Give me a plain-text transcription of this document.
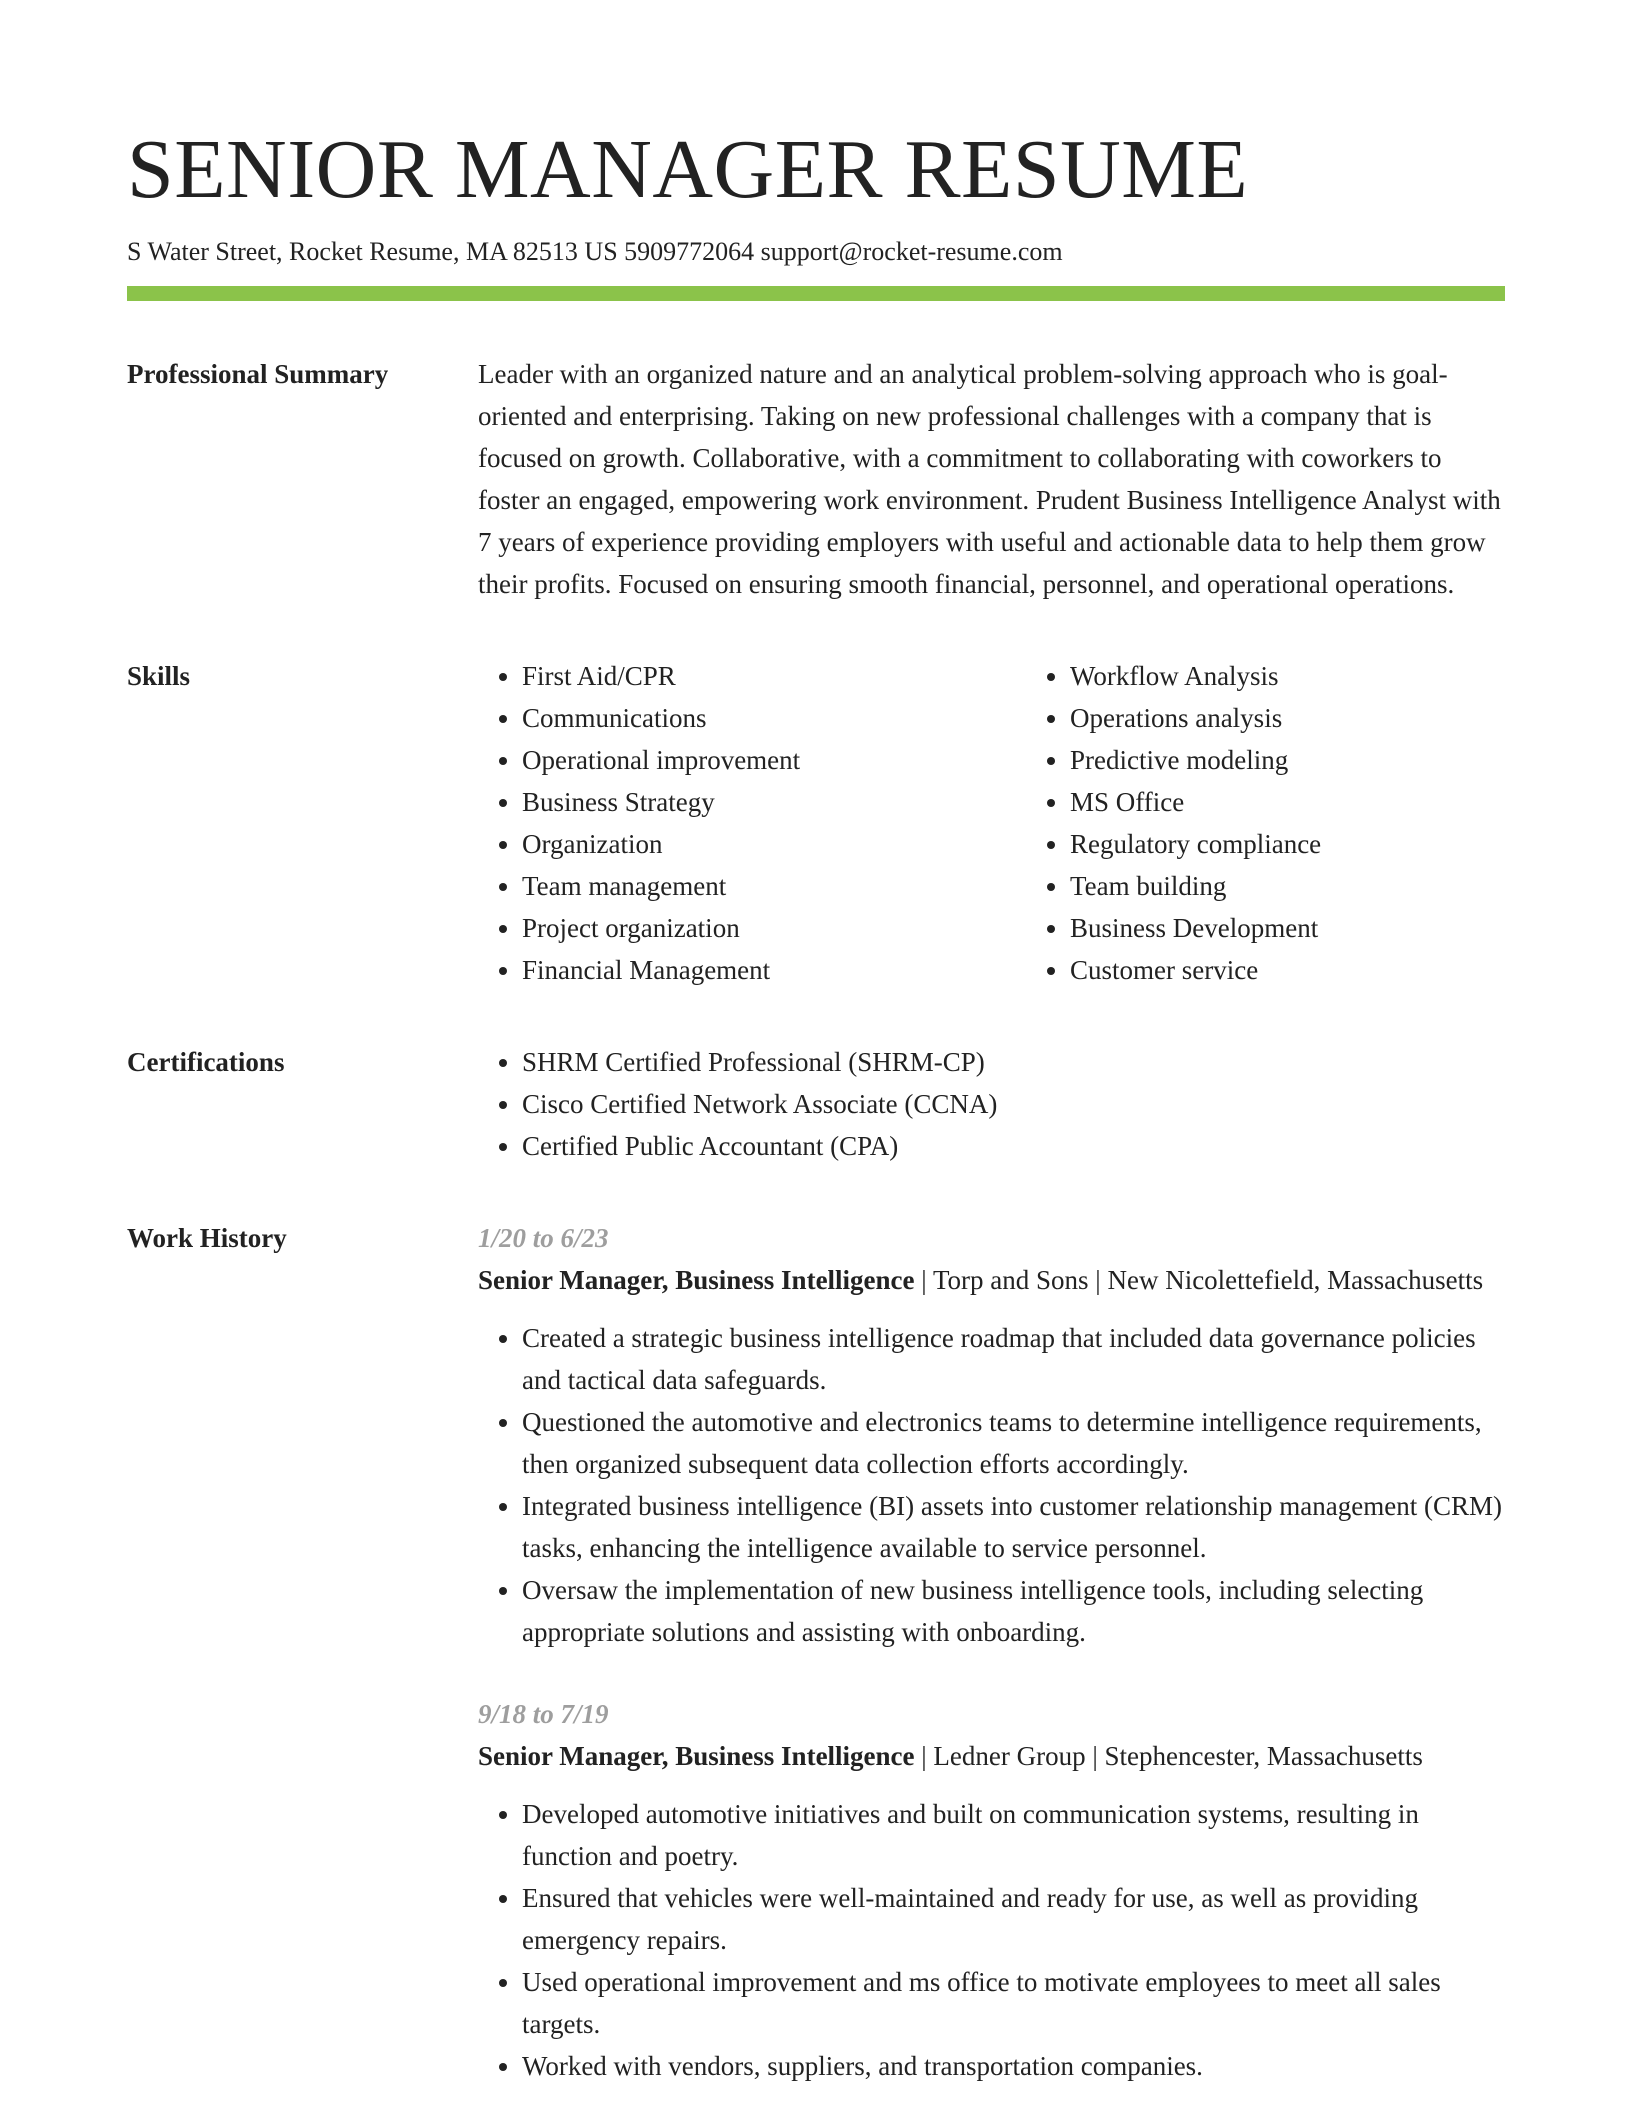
SENIOR MANAGER RESUME
S Water Street, Rocket Resume, MA 82513 US 5909772064 support@rocket-resume.com
Professional Summary	Leader with an organized nature and an analytical problem-solving approach who is goal-oriented and enterprising. Taking on new professional challenges with a company that is focused on growth. Collaborative, with a commitment to collaborating with coworkers to foster an engaged, empowering work environment. Prudent Business Intelligence Analyst with 7 years of experience providing employers with useful and actionable data to help them grow their profits. Focused on ensuring smooth financial, personnel, and operational operations.

Skills	• First Aid/CPR
• Communications
• Operational improvement
• Business Strategy
• Organization
• Team management
• Project organization
• Financial Management
• Workflow Analysis
• Operations analysis
• Predictive modeling
• MS Office
• Regulatory compliance
• Team building
• Business Development
• Customer service
Certifications	• SHRM Certified Professional (SHRM-CP)
• Cisco Certified Network Associate (CCNA)
• Certified Public Accountant (CPA)
Work History	1/20 to 6/23
Senior Manager, Business Intelligence | Torp and Sons | New Nicolettefield, Massachusetts
• Created a strategic business intelligence roadmap that included data governance policies and tactical data safeguards.
• Questioned the automotive and electronics teams to determine intelligence requirements, then organized subsequent data collection efforts accordingly.
• Integrated business intelligence (BI) assets into customer relationship management (CRM) tasks, enhancing the intelligence available to service personnel.
• Oversaw the implementation of new business intelligence tools, including selecting appropriate solutions and assisting with onboarding.
9/18 to 7/19
Senior Manager, Business Intelligence | Ledner Group | Stephencester, Massachusetts
• Developed automotive initiatives and built on communication systems, resulting in function and poetry.
• Ensured that vehicles were well-maintained and ready for use, as well as providing emergency repairs.
• Used operational improvement and ms office to motivate employees to meet all sales targets.
• Worked with vendors, suppliers, and transportation companies.
